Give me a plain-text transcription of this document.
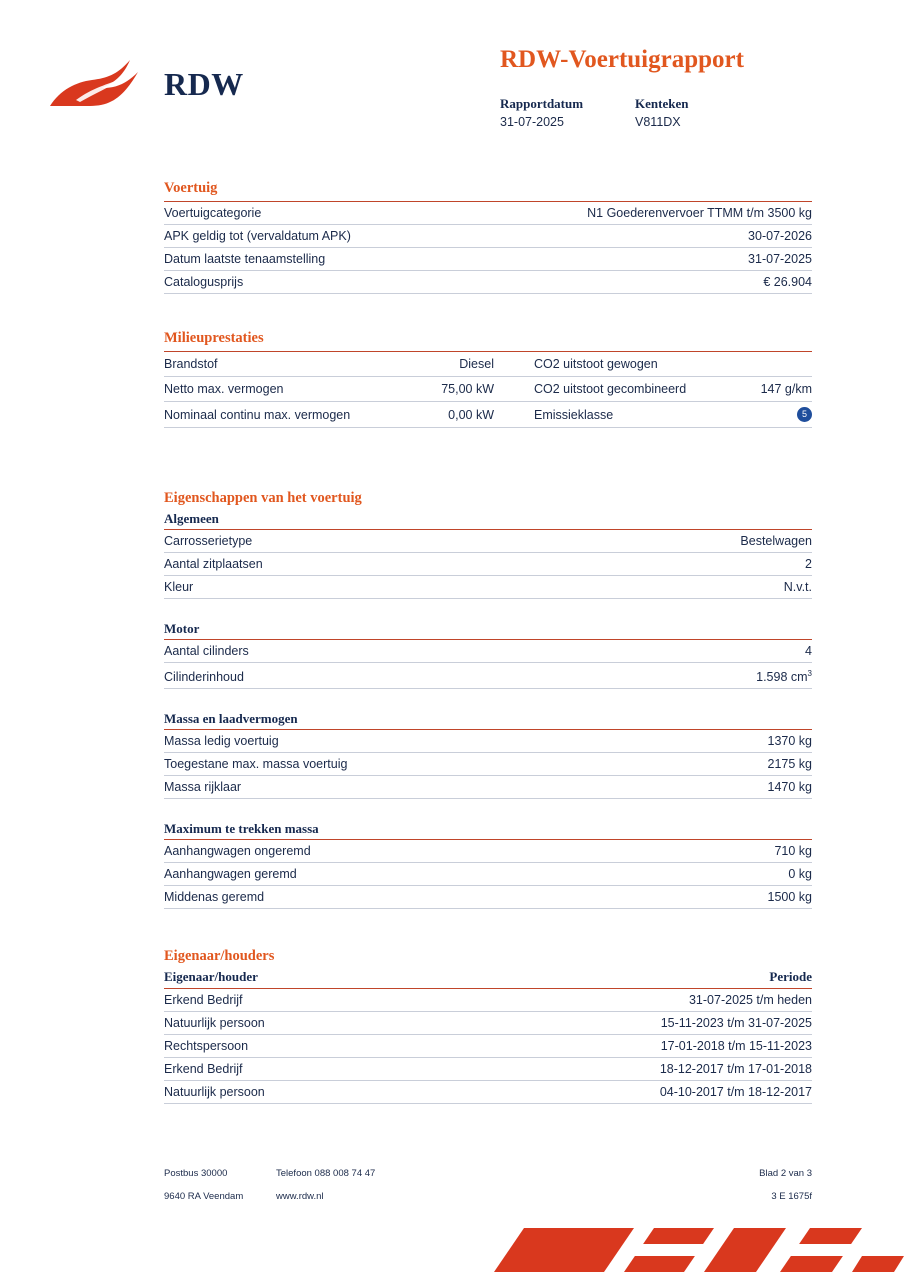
RDW
RDW-Voertuigrapport
Rapportdatum	Kenteken
31-07-2025	V811DX
Voertuig
Voertuigcategorie	N1 Goederenvervoer TTMM t/m 3500 kg
APK geldig tot (vervaldatum APK)	30-07-2026
Datum laatste tenaamstelling	31-07-2025
Catalogusprijs	€ 26.904
Milieuprestaties
Brandstof	Diesel	CO2 uitstoot gewogen	
Netto max. vermogen	75,00 kW	CO2 uitstoot gecombineerd	147 g/km
Nominaal continu max. vermogen	0,00 kW	Emissieklasse	5
Eigenschappen van het voertuig
Algemeen
Carrosserietype	Bestelwagen
Aantal zitplaatsen	2
Kleur	N.v.t.
Motor
Aantal cilinders	4
Cilinderinhoud	1.598 $cm^3$
Massa en laadvermogen
Massa ledig voertuig	1370 kg
Toegestane max. massa voertuig	2175 kg
Massa rijklaar	1470 kg
Maximum te trekken massa
Aanhangwagen ongeremd	710 kg
Aanhangwagen geremd	0 kg
Middenas geremd	1500 kg
Eigenaar/houders
Eigenaar/houder	Periode
Erkend Bedrijf	31-07-2025 t/m heden
Natuurlijk persoon	15-11-2023 t/m 31-07-2025
Rechtspersoon	17-01-2018 t/m 15-11-2023
Erkend Bedrijf	18-12-2017 t/m 17-01-2018
Natuurlijk persoon	04-10-2017 t/m 18-12-2017
Postbus 30000	Telefoon 088 008 74 47	Blad 2 van 3
9640 RA Veendam	www.rdw.nl	3 E 1675f
